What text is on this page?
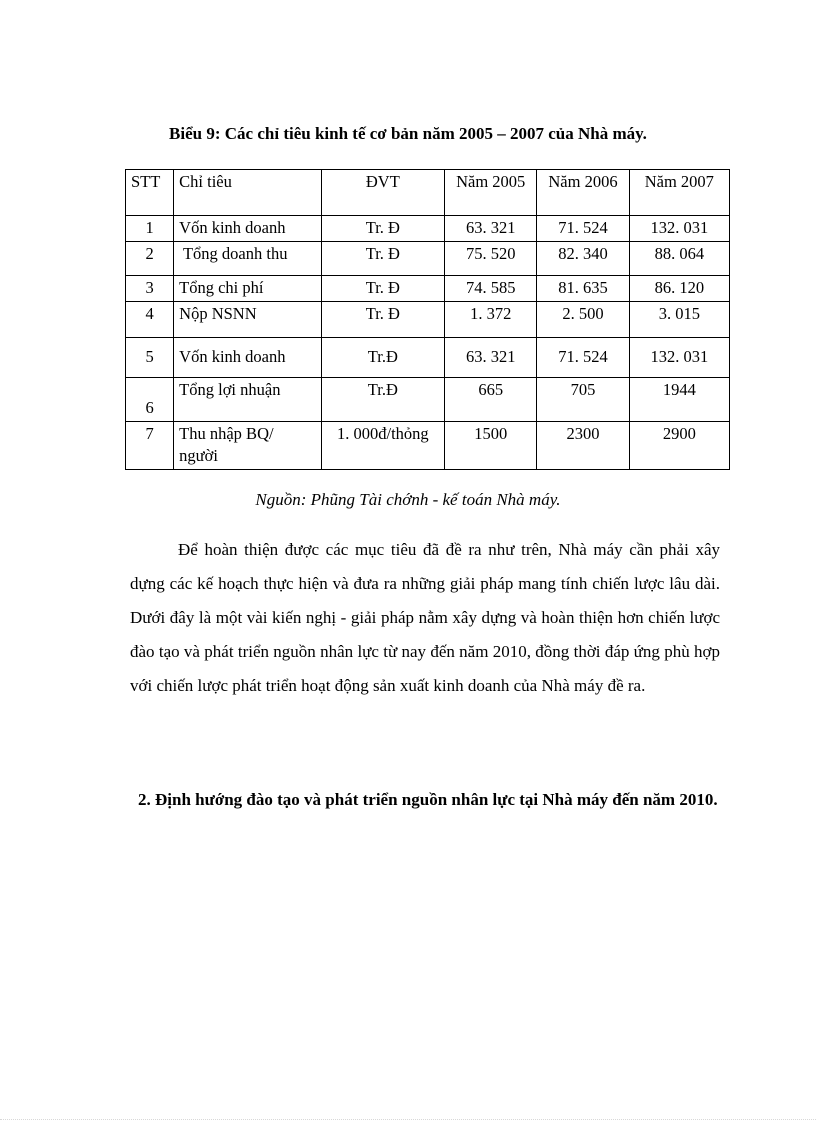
Biểu 9: Các chỉ tiêu kinh tế cơ bản năm 2005 – 2007 của Nhà máy.
STT	Chỉ tiêu	ĐVT	Năm 2005	Năm 2006	Năm 2007
1	Vốn kinh doanh	Tr. Đ	63. 321	71. 524	132. 031
2	Tổng doanh thu	Tr. Đ	75. 520	82. 340	88. 064
3	Tổng chi phí	Tr. Đ	74. 585	81. 635	86. 120
4	Nộp NSNN	Tr. Đ	1. 372	2. 500	3. 015
5	Vốn kinh doanh	Tr.Đ	63. 321	71. 524	132. 031
6	Tổng lợi nhuận	Tr.Đ	665	705	1944
7	Thu nhập BQ/ người	1. 000đ/thỏng	1500	2300	2900
Nguồn: Phũng Tài chớnh - kế toán Nhà máy.

Để hoàn thiện được các mục tiêu đã đề ra như trên, Nhà máy cần phải xây dựng các kế hoạch thực hiện và đưa ra những giải pháp mang tính chiến lược lâu dài. Dưới đây là một vài kiến nghị - giải pháp nằm xây dựng và hoàn thiện hơn chiến lược đào tạo và phát triển nguồn nhân lực từ nay đến năm 2010, đồng thời đáp ứng phù hợp với chiến lược phát triển hoạt động sản xuất kinh doanh của Nhà máy đề ra.

2. Định hướng đào tạo và phát triển nguồn nhân lực tại Nhà máy đến năm 2010.
